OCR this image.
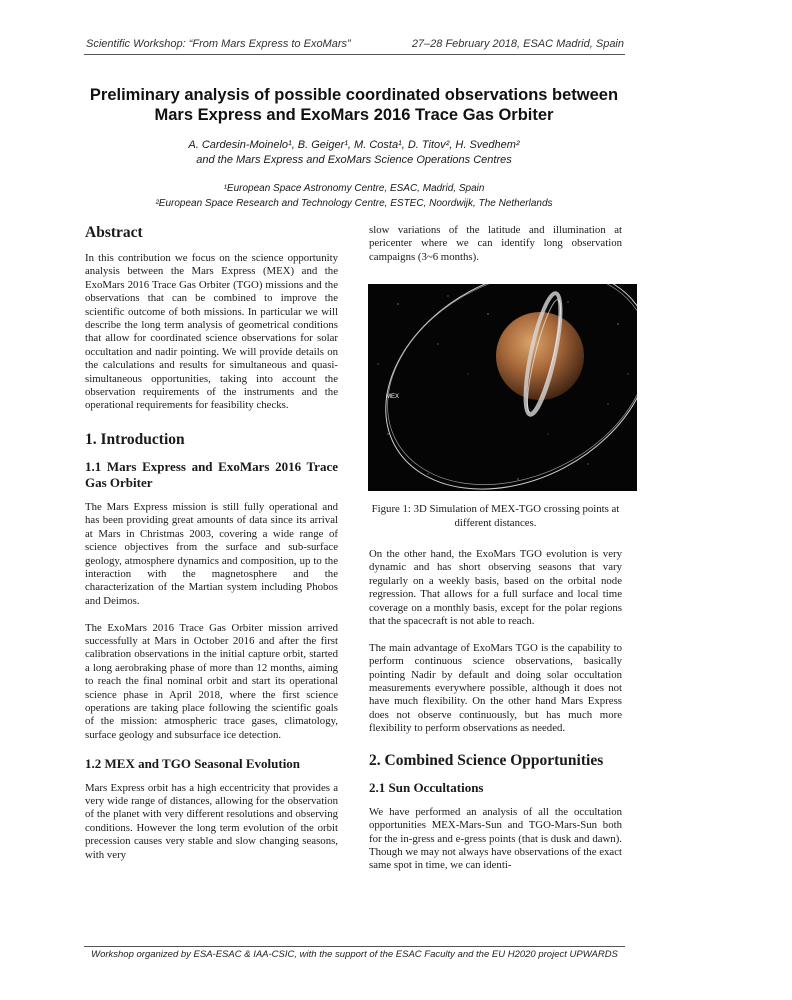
Scientific Workshop: “From Mars Express to ExoMars”	27–28 February 2018, ESAC Madrid, Spain
Preliminary analysis of possible coordinated observations between
Mars Express and ExoMars 2016 Trace Gas Orbiter
A. Cardesin-Moinelo¹, B. Geiger¹, M. Costa¹, D. Titov², H. Svedhem²
and the Mars Express and ExoMars Science Operations Centres
¹European Space Astronomy Centre, ESAC, Madrid, Spain
²European Space Research and Technology Centre, ESTEC, Noordwijk, The Netherlands
Abstract

In this contribution we focus on the science opportunity analysis between the Mars Express (MEX) and the ExoMars 2016 Trace Gas Orbiter (TGO) missions and the observations that can be combined to improve the scientific outcome of both missions. In particular we will describe the long term analysis of geometrical conditions that allow for coordinated science observations for solar occultation and nadir pointing. We will provide details on the calculations and results for simultaneous and quasi-simultaneous opportunities, taking into account the observation requirements of the instruments and the operational requirements for feasibility checks.

1. Introduction
1.1 Mars Express and ExoMars 2016 Trace Gas Orbiter

The Mars Express mission is still fully operational and has been providing great amounts of data since its arrival at Mars in Christmas 2003, covering a wide range of science objectives from the surface and sub-surface geology, atmosphere dynamics and composition, up to the interaction with the magnetosphere and the characterization of the Martian system including Phobos and Deimos.

The ExoMars 2016 Trace Gas Orbiter mission arrived successfully at Mars in October 2016 and after the first calibration observations in the initial capture orbit, started a long aerobraking phase of more than 12 months, aiming to reach the final nominal orbit and start its operational science phase in April 2018, where the first science operations are taking place following the scientific goals of the mission: atmospheric trace gases, climatology, surface geology and subsurface ice detection.

1.2 MEX and TGO Seasonal Evolution

Mars Express orbit has a high eccentricity that provides a very wide range of distances, allowing for the observation of the planet with very different resolutions and observing conditions. However the long term evolution of the orbit precession causes very stable and slow changing seasons, with very

slow variations of the latitude and illumination at pericenter where we can identify long observation campaigns (3~6 months).

MEX
Figure 1: 3D Simulation of MEX-TGO crossing points at different distances.

On the other hand, the ExoMars TGO evolution is very dynamic and has short observing seasons that vary regularly on a weekly basis, based on the orbital node regression. That allows for a full surface and local time coverage on a monthly basis, except for the polar regions that the spacecraft is not able to reach.

The main advantage of ExoMars TGO is the capability to perform continuous science observations, basically pointing Nadir by default and doing solar occultation measurements everywhere possible, although it does not have much flexibility. On the other hand Mars Express does not observe continuously, but has much more flexibility to perform observations as needed.

2. Combined Science Opportunities
2.1 Sun Occultations

We have performed an analysis of all the occultation opportunities MEX-Mars-Sun and TGO-Mars-Sun both for the in-gress and e-gress points (that is dusk and dawn). Though we may not always have observations of the exact same spot in time, we can identi-

Workshop organized by ESA-ESAC & IAA-CSIC, with the support of the ESAC Faculty and the EU H2020 project UPWARDS
